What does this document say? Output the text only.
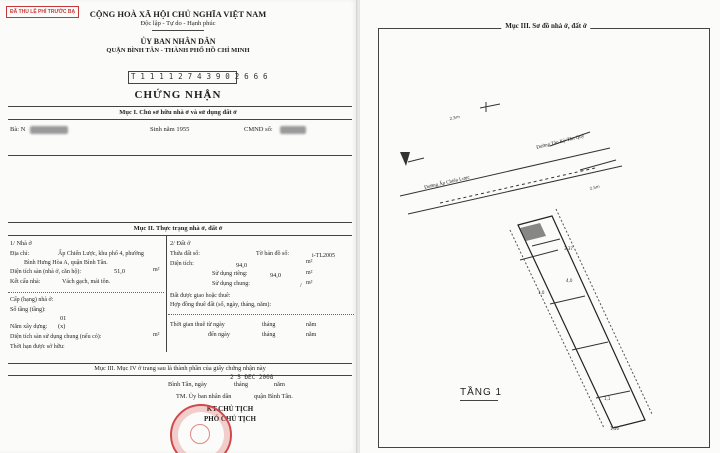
ĐÃ THU LỆ PHÍ TRƯỚC BẠ	CỘNG HOÀ XÃ HỘI CHỦ NGHĨA VIỆT NAM
Độc lập - Tự do - Hạnh phúc
ỦY BAN NHÂN DÂN
QUẬN BÌNH TÂN - THÀNH PHỐ HỒ CHÍ MINH
T 1 1 1 1 2 7 4 3 9 0 2 6 6 6
CHỨNG NHẬN
Mục I. Chủ sở hữu nhà ở và sử dụng đất ở
Bà: N	Sinh năm 1955	CMND số:
Mục II. Thực trạng nhà ở, đất ở
1/ Nhà ở
Địa chỉ:	Ấp Chiến Lược, khu phố 4, phường
Bình Hưng Hòa A, quận Bình Tân.
Diện tích sàn (nhà ở, căn hộ):	51,0	m²
Kết cấu nhà:	Vách gạch, mái tôn.
Cấp (hạng) nhà ở:
Số tầng (tầng):
01
Năm xây dựng: (x)
Diện tích sàn sử dụng chung (nếu có):	m²
Thời hạn được sở hữu:
2/ Đất ở
Thửa đất số:	Tờ bản đồ số:	i-TL2005
Diện tích:	94,0	m²
Sử dụng riêng:	94,0	m²
Sử dụng chung:	/ m²
Đất được giao hoặc thuê:
Hợp đồng thuê đất (số, ngày, tháng, năm):
Thời gian thuê từ ngày	tháng	năm
đến ngày	tháng	năm
Mục III. Mục IV ở trang sau là thành phần của giấy chứng nhận này
Bình Tân, ngày	tháng	năm
2 5 ĐEC 2008
TM. Ủy ban nhân dân	quận Bình Tân.
KT.CHỦ TỊCH
PHÓ CHỦ TỊCH
Mục III. Sơ đồ nhà ở, đất ở
2,5m
2,5m
3,37
4,0
1,0
1,1
1,56
Đường Ấp Chiến Lược
Đường Tân Kỳ Tân Quý
TẦNG 1
